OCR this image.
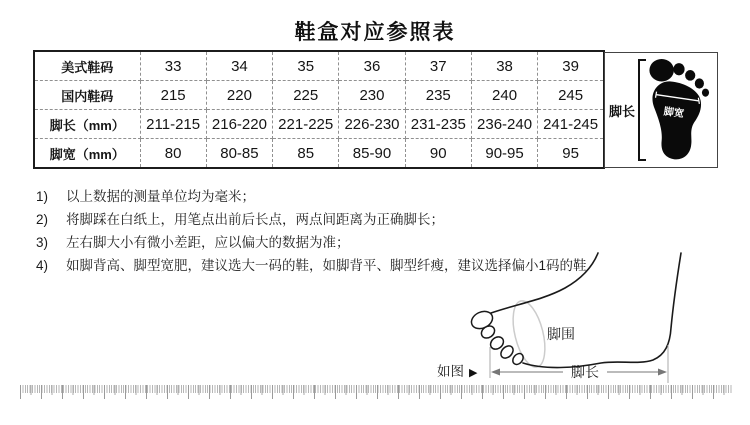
鞋盒对应参照表
美式鞋码	33	34	35	36	37	38	39
国内鞋码	215	220	225	230	235	240	245
脚长（mm）	211-215	216-220	221-225	226-230	231-235	236-240	241-245
脚宽（mm）	80	80-85	85	85-90	90	90-95	95
脚长	脚宽
1)	以上数据的测量单位均为毫米；
2)	将脚踩在白纸上，用笔点出前后长点，两点间距离为正确脚长；
3)	左右脚大小有微小差距，应以偏大的数据为准；
4)	如脚背高、脚型宽肥，建议选大一码的鞋，如脚背平、脚型纤瘦，建议选择偏小1码的鞋
脚围
脚长
如图 ▶
